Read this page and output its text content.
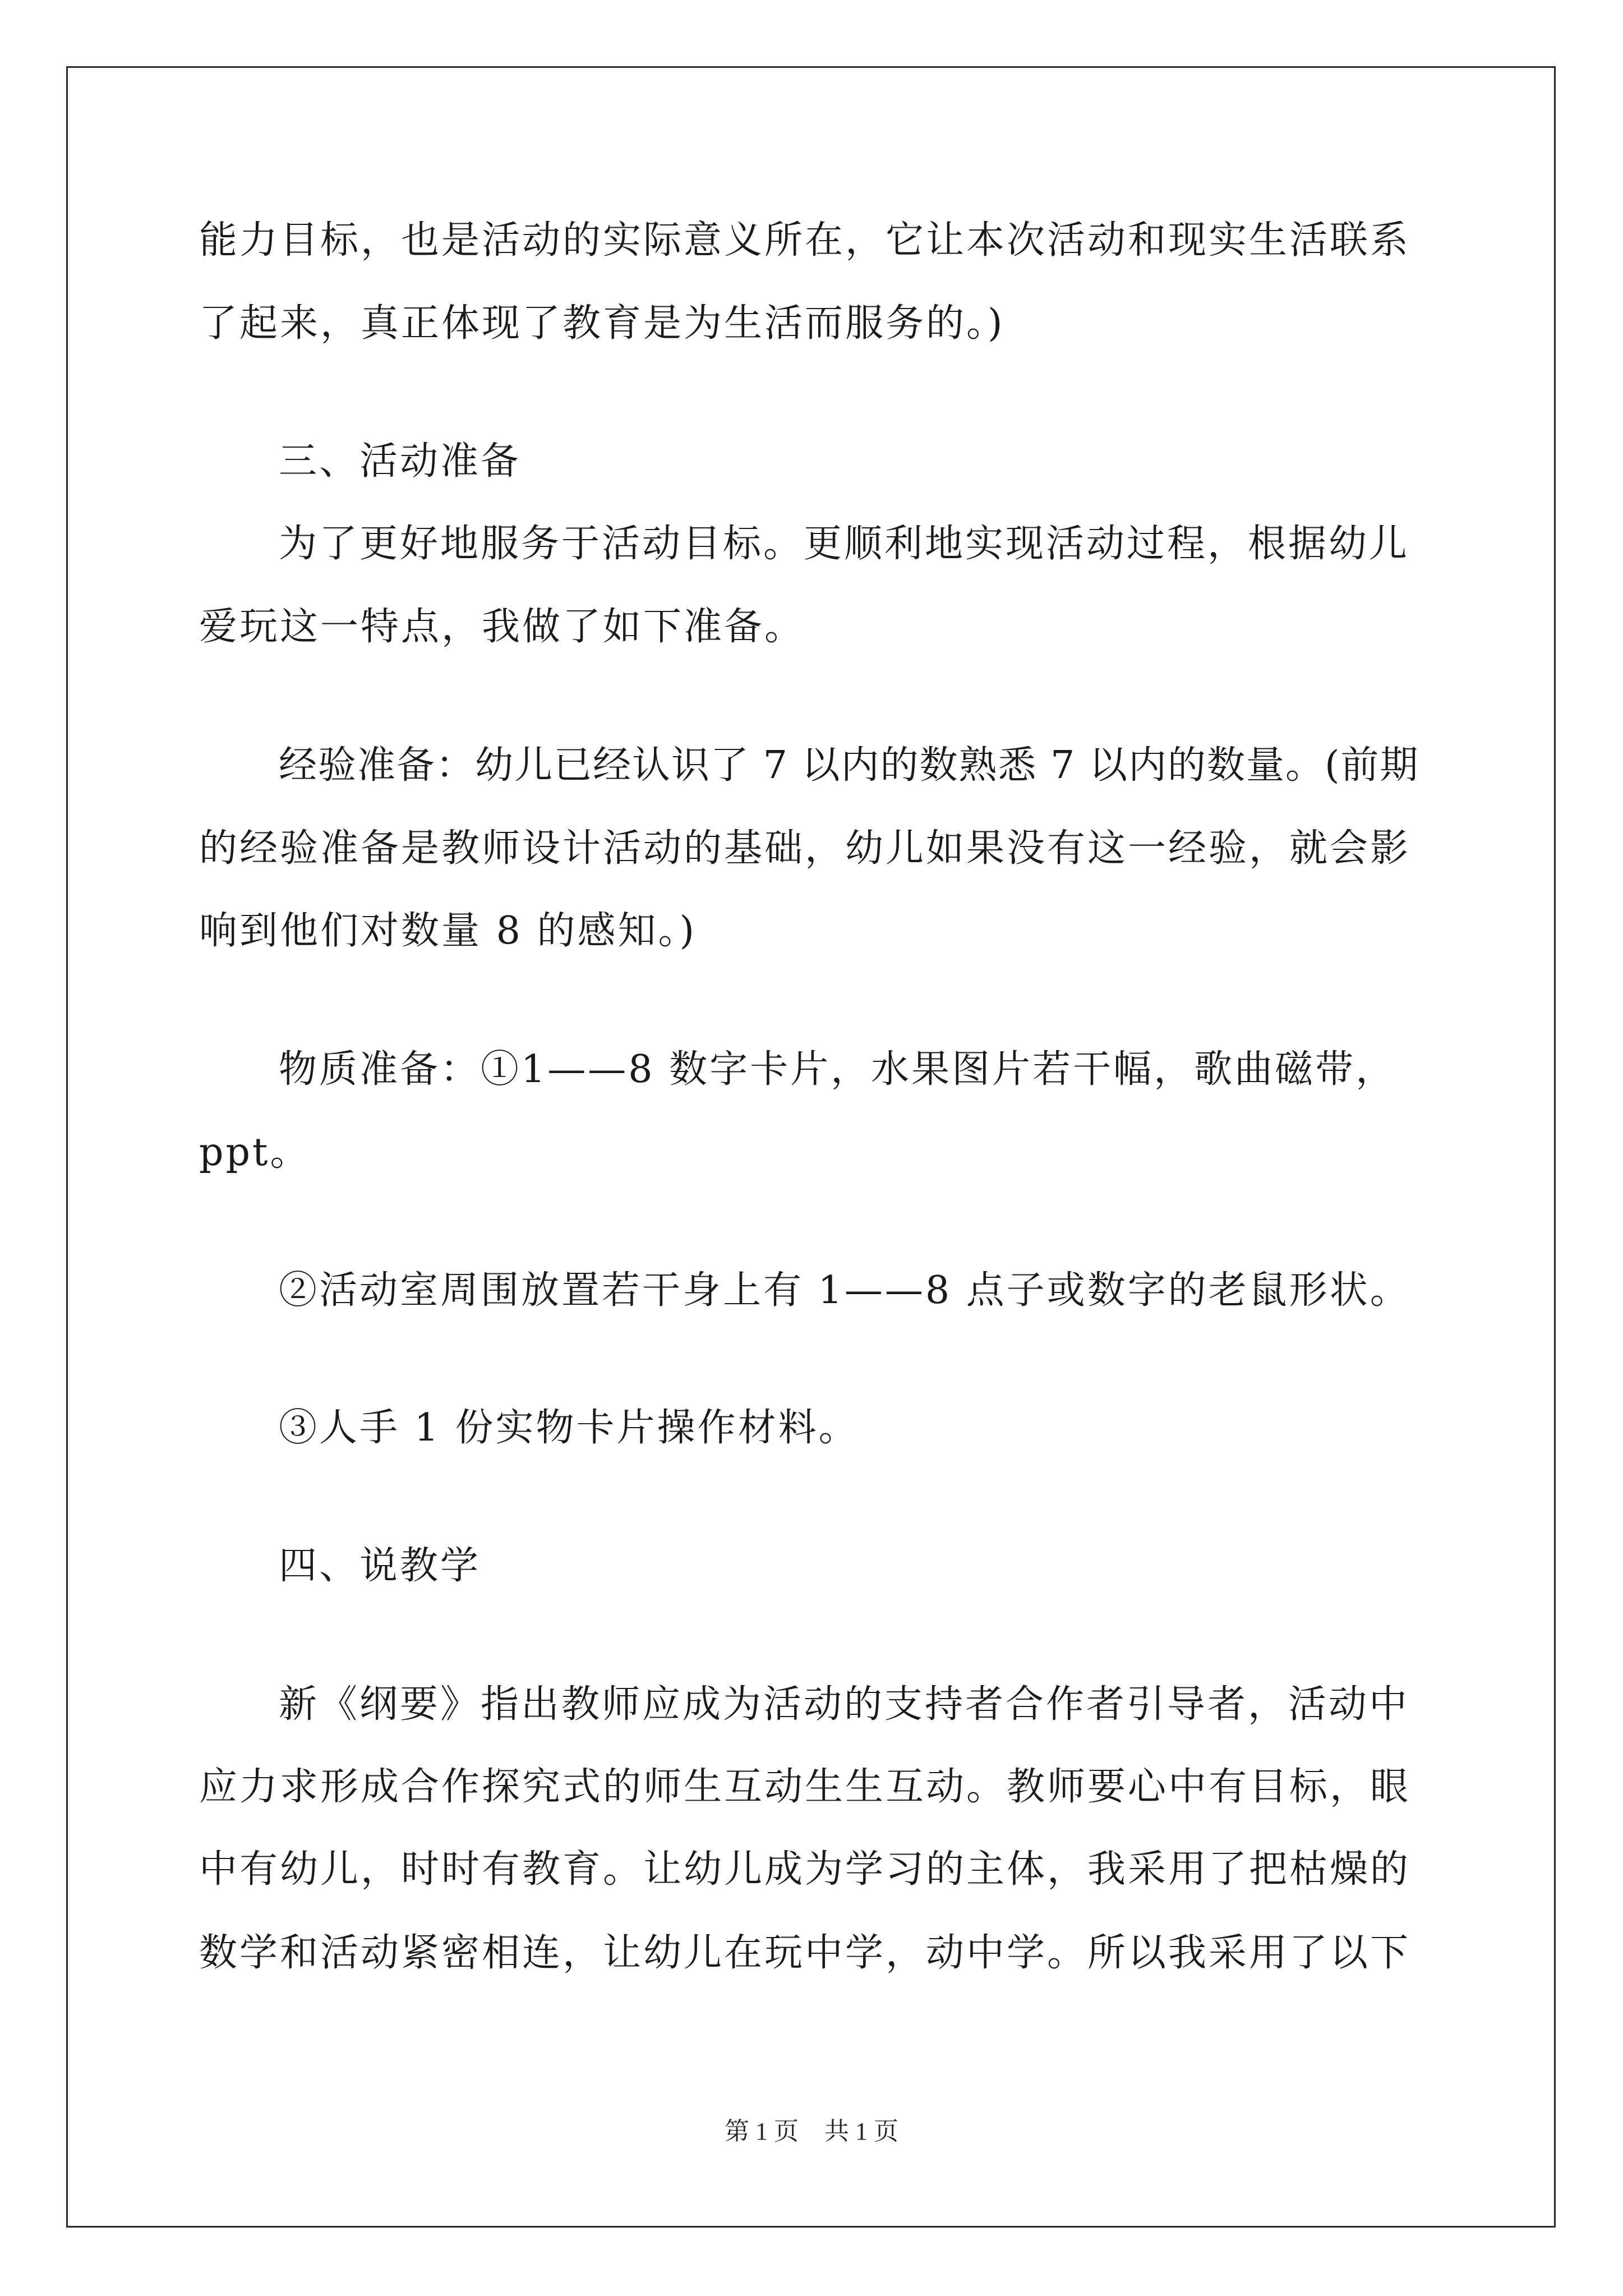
能力目标，也是活动的实际意义所在，它让本次活动和现实生活联系

了起来，真正体现了教育是为生活而服务的。)

三、活动准备

为了更好地服务于活动目标。更顺利地实现活动过程，根据幼儿

爱玩这一特点，我做了如下准备。

经验准备：幼儿已经认识了 7 以内的数熟悉 7 以内的数量。(前期

的经验准备是教师设计活动的基础，幼儿如果没有这一经验，就会影

响到他们对数量 8 的感知。)

物质准备：①1——8 数字卡片，水果图片若干幅，歌曲磁带，

ppt。

②活动室周围放置若干身上有 1——8 点子或数字的老鼠形状。

③人手 1 份实物卡片操作材料。

四、说教学

新《纲要》指出教师应成为活动的支持者合作者引导者，活动中

应力求形成合作探究式的师生互动生生互动。教师要心中有目标，眼

中有幼儿，时时有教育。让幼儿成为学习的主体，我采用了把枯燥的

数学和活动紧密相连，让幼儿在玩中学，动中学。所以我采用了以下

第 1 页 共 1 页
